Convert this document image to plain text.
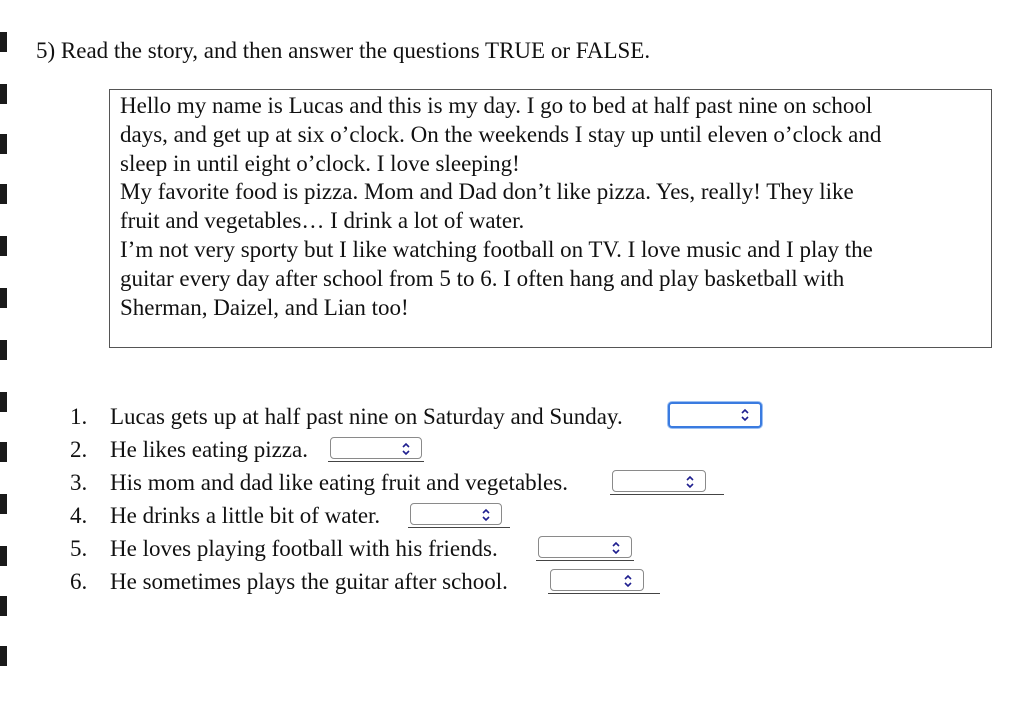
5) Read the story, and then answer the questions TRUE or FALSE.
Hello my name is Lucas and this is my day. I go to bed at half past nine on school
days, and get up at six o’clock. On the weekends I stay up until eleven o’clock and
sleep in until eight o’clock. I love sleeping!
My favorite food is pizza. Mom and Dad don’t like pizza. Yes, really! They like
fruit and vegetables… I drink a lot of water.
I’m not very sporty but I like watching football on TV. I love music and I play the
guitar every day after school from 5 to 6. I often hang and play basketball with
Sherman, Daizel, and Lian too!
1. Lucas gets up at half past nine on Saturday and Sunday.
2. He likes eating pizza.
3. His mom and dad like eating fruit and vegetables.
4. He drinks a little bit of water.
5. He loves playing football with his friends.
6. He sometimes plays the guitar after school.
